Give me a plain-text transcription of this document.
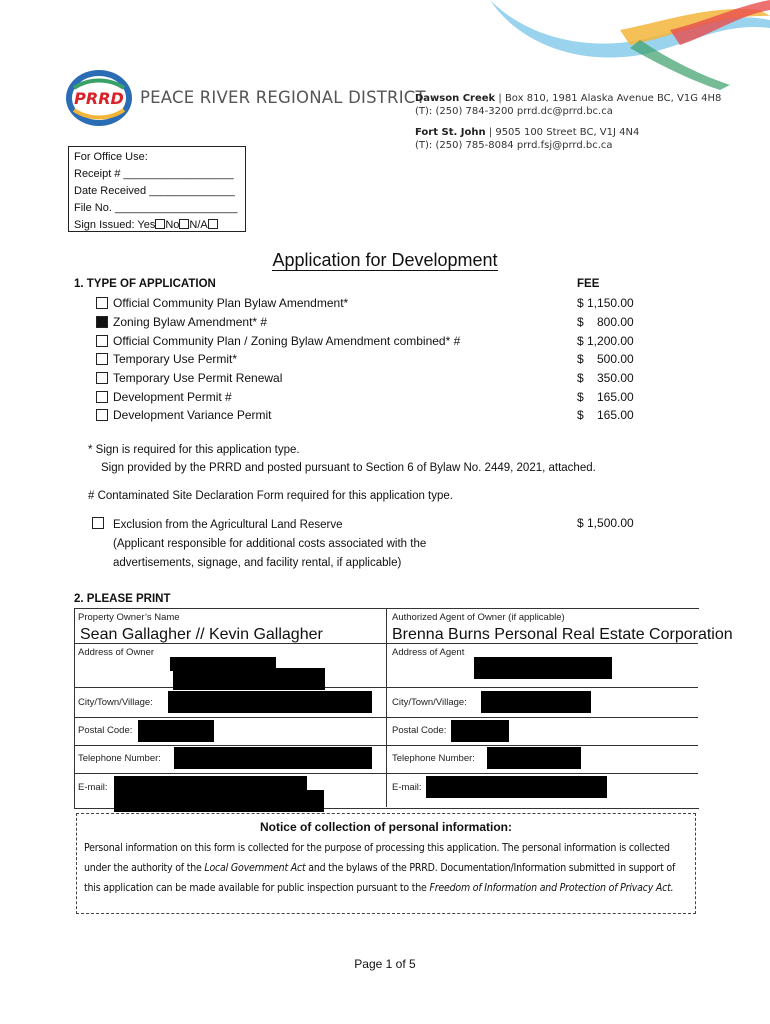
PRRD PEACE RIVER REGIONAL DISTRICT
Dawson Creek | Box 810, 1981 Alaska Avenue BC, V1G 4H8
(T): (250) 784-3200 prrd.dc@prrd.bc.ca
Fort St. John | 9505 100 Street BC, V1J 4N4
(T): (250) 785-8084 prrd.fsj@prrd.bc.ca
For Office Use:
Receipt # __________________
Date Received ______________
File No. ____________________
Sign Issued: Yes No N/A
Application for Development
1. TYPE OF APPLICATION	FEE
Official Community Plan Bylaw Amendment*	$ 1,150.00
Zoning Bylaw Amendment* #	$    800.00
Official Community Plan / Zoning Bylaw Amendment combined* #	$ 1,200.00
Temporary Use Permit*	$    500.00
Temporary Use Permit Renewal	$    350.00
Development Permit #	$    165.00
Development Variance Permit	$    165.00
* Sign is required for this application type.
Sign provided by the PRRD and posted pursuant to Section 6 of Bylaw No. 2449, 2021, attached.
# Contaminated Site Declaration Form required for this application type.
Exclusion from the Agricultural Land Reserve
(Applicant responsible for additional costs associated with the
advertisements, signage, and facility rental, if applicable)
$ 1,500.00
2. PLEASE PRINT
Property Owner’s Name
Sean Gallagher // Kevin Gallagher
Authorized Agent of Owner (if applicable)
Brenna Burns Personal Real Estate Corporation
Address of Owner	Address of Agent
City/Town/Village:	City/Town/Village:
Postal Code:	Postal Code:
Telephone Number:	Telephone Number:
E-mail:	E-mail:
Notice of collection of personal information:
Personal information on this form is collected for the purpose of processing this application. The personal information is collected
under the authority of the Local Government Act and the bylaws of the PRRD. Documentation/Information submitted in support of
this application can be made available for public inspection pursuant to the Freedom of Information and Protection of Privacy Act.
Page 1 of 5
